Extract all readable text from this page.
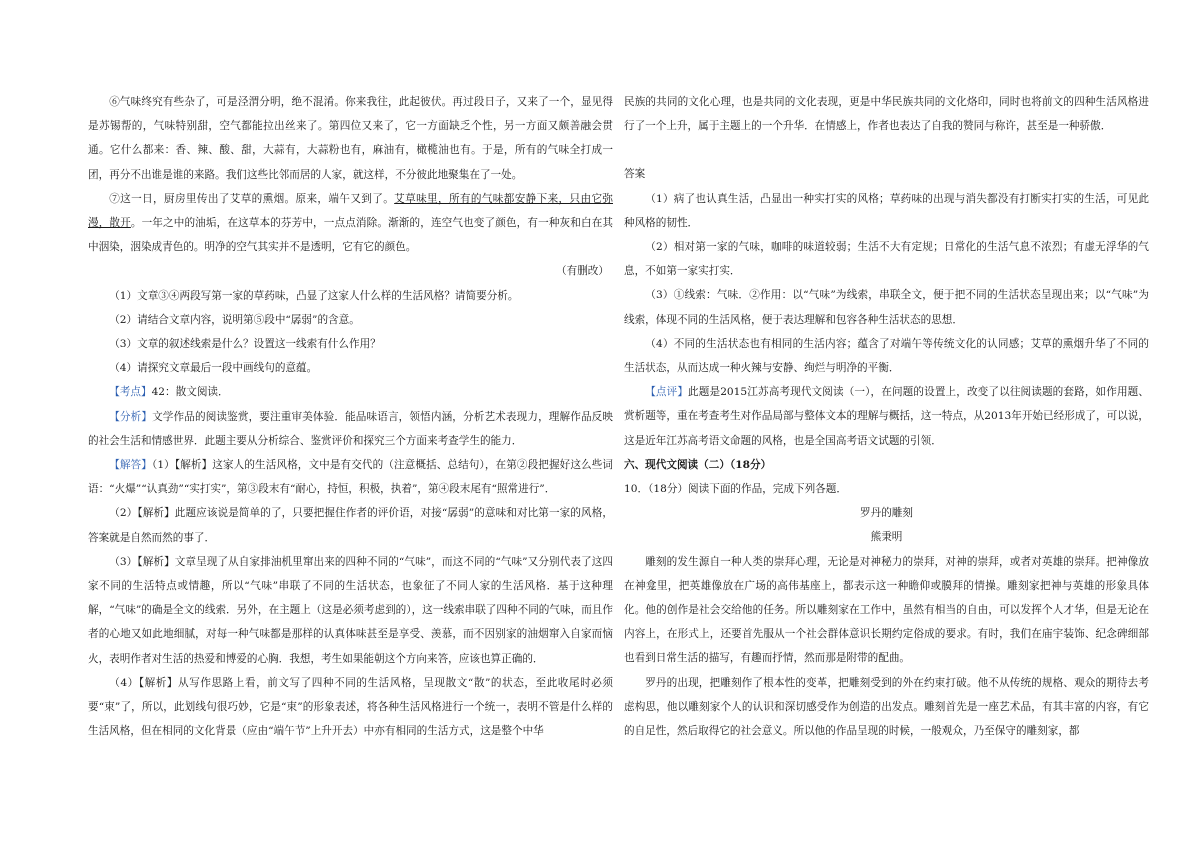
⑥气味终究有些杂了，可是泾渭分明，绝不混淆。你来我往，此起彼伏。再过段日子，又来了一个，显见得是苏锡帮的，气味特别甜，空气都能拉出丝来了。第四位又来了，它一方面缺乏个性，另一方面又颇善融会贯通。它什么都来：香、辣、酸、甜，大蒜有，大蒜粉也有，麻油有，橄榄油也有。于是，所有的气味全打成一团，再分不出谁是谁的来路。我们这些比邻而居的人家，就这样，不分彼此地聚集在了一处。

⑦这一日，厨房里传出了艾草的熏烟。原来，端午又到了。艾草味里，所有的气味都安静下来，只由它弥漫，散开。一年之中的油垢，在这草本的芬芳中，一点点消除。渐渐的，连空气也变了颜色，有一种灰和白在其中洇染，洇染成青色的。明净的空气其实并不是透明，它有它的颜色。

（有删改）

（1）文章③④两段写第一家的草药味，凸显了这家人什么样的生活风格？请简要分析。

（2）请结合文章内容，说明第⑤段中“孱弱”的含意。

（3）文章的叙述线索是什么？设置这一线索有什么作用？

（4）请探究文章最后一段中画线句的意蕴。

【考点】42：散文阅读．

【分析】文学作品的阅读鉴赏，要注重审美体验．能品味语言，领悟内涵，分析艺术表现力，理解作品反映的社会生活和情感世界．此题主要从分析综合、鉴赏评价和探究三个方面来考查学生的能力．

【解答】（1）【解析】这家人的生活风格，文中是有交代的（注意概括、总结句），在第②段把握好这么些词语：“火爆”“认真劲”“实打实”，第③段末有“耐心，持恒，积极，执着”，第④段末尾有“照常进行”．

（2）【解析】此题应该说是简单的了，只要把握住作者的评价语，对接“孱弱”的意味和对比第一家的风格，答案就是自然而然的事了．

（3）【解析】文章呈现了从自家排油机里窜出来的四种不同的“气味”，而这不同的“气味”又分别代表了这四家不同的生活特点或情趣，所以“气味”串联了不同的生活状态，也象征了不同人家的生活风格．基于这种理解，“气味”的确是全文的线索．另外，在主题上（这是必须考虑到的），这一线索串联了四种不同的气味，而且作者的心地又如此地细腻，对每一种气味都是那样的认真体味甚至是享受、羡慕，而不因别家的油烟窜入自家而恼火，表明作者对生活的热爱和博爱的心胸．我想，考生如果能朝这个方向来答，应该也算正确的．

（4）【解析】从写作思路上看，前文写了四种不同的生活风格，呈现散文“散”的状态，至此收尾时必须要“束”了，所以，此划线句很巧妙，它是“束”的形象表述，将各种生活风格进行一个统一，表明不管是什么样的生活风格，但在相同的文化背景（应由“端午节”上升开去）中亦有相同的生活方式，这是整个中华

民族的共同的文化心理，也是共同的文化表现，更是中华民族共同的文化烙印，同时也将前文的四种生活风格进行了一个上升，属于主题上的一个升华．在情感上，作者也表达了自我的赞同与称许，甚至是一种骄傲．

答案

（1）病了也认真生活，凸显出一种实打实的风格；草药味的出现与消失都没有打断实打实的生活，可见此种风格的韧性．

（2）相对第一家的气味，咖啡的味道较弱；生活不大有定规；日常化的生活气息不浓烈；有虚无浮华的气息，不如第一家实打实．

（3）①线索：气味．②作用：以“气味”为线索，串联全文，便于把不同的生活状态呈现出来；以“气味”为线索，体现不同的生活风格，便于表达理解和包容各种生活状态的思想．

（4）不同的生活状态也有相同的生活内容；蕴含了对端午等传统文化的认同感；艾草的熏烟升华了不同的生活状态，从而达成一种火辣与安静、绚烂与明净的平衡．

【点评】此题是2015江苏高考现代文阅读（一），在问题的设置上，改变了以往阅读题的套路，如作用题、赏析题等，重在考查考生对作品局部与整体文本的理解与概括，这一特点，从2013年开始已经形成了，可以说，这是近年江苏高考语文命题的风格，也是全国高考语文试题的引领．

六、现代文阅读（二）（18分）

10．（18分）阅读下面的作品，完成下列各题．

罗丹的雕刻

熊秉明

雕刻的发生源自一种人类的崇拜心理，无论是对神秘力的崇拜，对神的崇拜，或者对英雄的崇拜。把神像放在神龛里，把英雄像放在广场的高伟基座上，都表示这一种瞻仰或膜拜的情操。雕刻家把神与英雄的形象具体化。他的创作是社会交给他的任务。所以雕刻家在工作中，虽然有相当的自由，可以发挥个人才华，但是无论在内容上，在形式上，还要首先服从一个社会群体意识长期约定俗成的要求。有时，我们在庙宇装饰、纪念碑细部也看到日常生活的描写，有趣而抒情，然而那是附带的配曲。

罗丹的出现，把雕刻作了根本性的变革，把雕刻受到的外在约束打破。他不从传统的规格、观众的期待去考虑构思，他以雕刻家个人的认识和深切感受作为创造的出发点。雕刻首先是一座艺术品，有其丰富的内容，有它的自足性，然后取得它的社会意义。所以他的作品呈现的时候，一般观众，乃至保守的雕刻家，都
